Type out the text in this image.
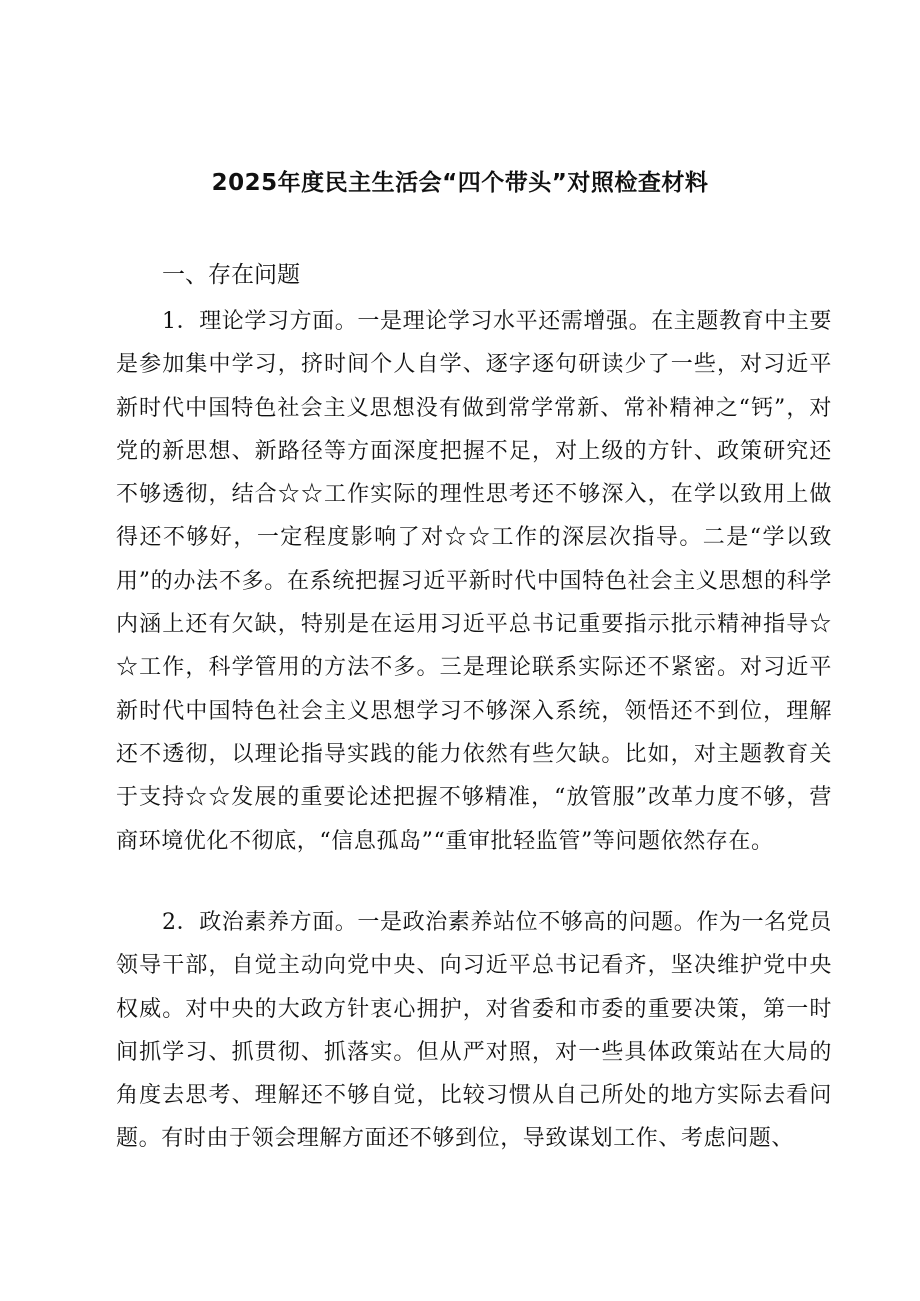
2025年度民主生活会“四个带头”对照检查材料
一、存在问题

1．理论学习方面。一是理论学习水平还需增强。在主题教育中主要是参加集中学习，挤时间个人自学、逐字逐句研读少了一些，对习近平新时代中国特色社会主义思想没有做到常学常新、常补精神之“钙”，对党的新思想、新路径等方面深度把握不足，对上级的方针、政策研究还不够透彻，结合☆☆工作实际的理性思考还不够深入，在学以致用上做得还不够好，一定程度影响了对☆☆工作的深层次指导。二是“学以致用”的办法不多。在系统把握习近平新时代中国特色社会主义思想的科学内涵上还有欠缺，特别是在运用习近平总书记重要指示批示精神指导☆☆工作，科学管用的方法不多。三是理论联系实际还不紧密。对习近平新时代中国特色社会主义思想学习不够深入系统，领悟还不到位，理解还不透彻，以理论指导实践的能力依然有些欠缺。比如，对主题教育关于支持☆☆发展的重要论述把握不够精准，“放管服”改革力度不够，营商环境优化不彻底，“信息孤岛”“重审批轻监管”等问题依然存在。

2．政治素养方面。一是政治素养站位不够高的问题。作为一名党员领导干部，自觉主动向党中央、向习近平总书记看齐，坚决维护党中央权威。对中央的大政方针衷心拥护，对省委和市委的重要决策，第一时间抓学习、抓贯彻、抓落实。但从严对照，对一些具体政策站在大局的角度去思考、理解还不够自觉，比较习惯从自己所处的地方实际去看问题。有时由于领会理解方面还不够到位，导致谋划工作、考虑问题、
